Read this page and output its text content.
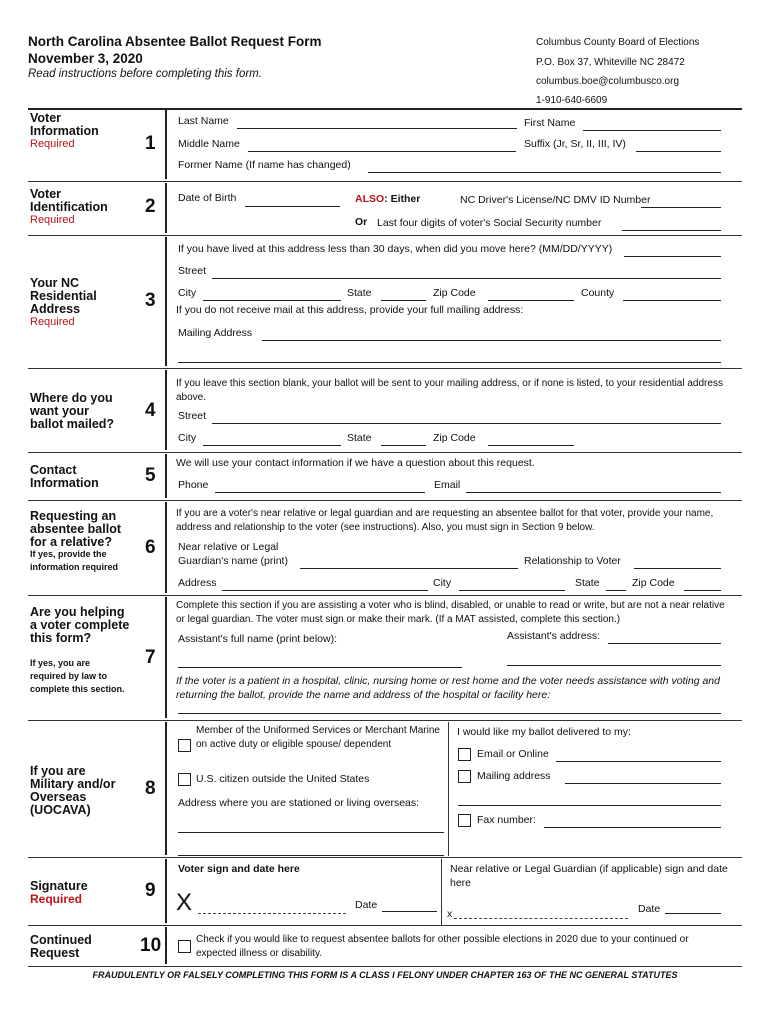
North Carolina Absentee Ballot Request Form
November 3, 2020
Read instructions before completing this form.
Columbus County Board of Elections
P.O. Box 37, Whiteville NC 28472
columbus.boe@columbusco.org
1-910-640-6609
Voter Information
Required	1
Last Name	First Name
Middle Name	Suffix (Jr, Sr, II, III, IV)
Former Name (If name has changed)
Voter Identification
Required
2 Date of Birth	ALSO: Either	NC Driver's License/NC DMV ID Number
Or Last four digits of voter's Social Security number
Your NC Residential Address
Required
3
If you have lived at this address less than 30 days, when did you move here? (MM/DD/YYYY)
Street
City	State	Zip Code	County
If you do not receive mail at this address, provide your full mailing address:
Mailing Address
Where do you want your ballot mailed?
4
If you leave this section blank, your ballot will be sent to your mailing address, or if none is listed, to your residential address above.
Street
City	State	Zip Code
Contact Information	5
We will use your contact information if we have a question about this request.
Phone	Email
Requesting an absentee ballot for a relative?
If yes, provide the information required
6
If you are a voter's near relative or legal guardian and are requesting an absentee ballot for that voter, provide your name, address and relationship to the voter (see instructions). Also, you must sign in Section 9 below.
Near relative or Legal
Guardian's name (print)	Relationship to Voter
Address	City	State	Zip Code
Are you helping a voter complete this form?
If yes, you are required by law to complete this section.
7
Complete this section if you are assisting a voter who is blind, disabled, or unable to read or write, but are not a near relative or legal guardian. The voter must sign or make their mark. (If a MAT assisted, complete this section.)
Assistant's full name (print below):	Assistant's address:
If the voter is a patient in a hospital, clinic, nursing home or rest home and the voter needs assistance with voting and returning the ballot, provide the name and address of the hospital or facility here:
If you are Military and/or Overseas (UOCAVA)
8
Member of the Uniformed Services or Merchant Marine on active duty or eligible spouse/ dependent
U.S. citizen outside the United States
Address where you are stationed or living overseas:
I would like my ballot delivered to my:
Email or Online
Mailing address
Fax number:
Signature
Required	9
Voter sign and date here
X	Date
Near relative or Legal Guardian (if applicable) sign and date here
x	Date
Continued Request	10	Check if you would like to request absentee ballots for other possible elections in 2020 due to your continued or expected illness or disability.
FRAUDULENTLY OR FALSELY COMPLETING THIS FORM IS A CLASS I FELONY UNDER CHAPTER 163 OF THE NC GENERAL STATUTES
